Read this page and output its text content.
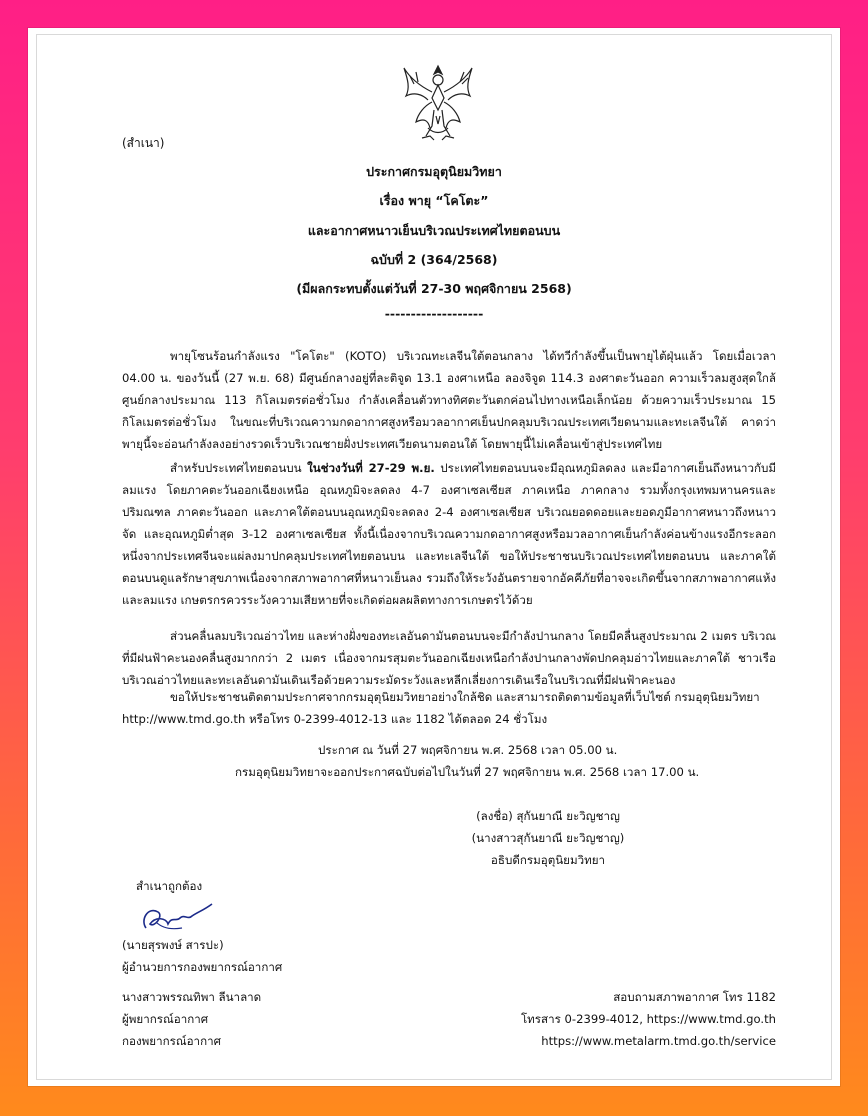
(สำเนา)
ประกาศกรมอุตุนิยมวิทยา
เรื่อง พายุ “โคโตะ”
และอากาศหนาวเย็นบริเวณประเทศไทยตอนบน
ฉบับที่ 2 (364/2568)
(มีผลกระทบตั้งแต่วันที่ 27-30 พฤศจิกายน 2568)
-------------------
พายุโซนร้อนกำลังแรง "โคโตะ" (KOTO) บริเวณทะเลจีนใต้ตอนกลาง ได้ทวีกำลังขึ้นเป็นพายุไต้ฝุ่นแล้ว โดยเมื่อเวลา 04.00 น. ของวันนี้ (27 พ.ย. 68) มีศูนย์กลางอยู่ที่ละติจูด 13.1 องศาเหนือ ลองจิจูด 114.3 องศาตะวันออก ความเร็วลมสูงสุดใกล้ศูนย์กลางประมาณ 113 กิโลเมตรต่อชั่วโมง กำลังเคลื่อนตัวทางทิศตะวันตกค่อนไปทางเหนือเล็กน้อย ด้วยความเร็วประมาณ 15 กิโลเมตรต่อชั่วโมง ในขณะที่บริเวณความกดอากาศสูงหรือมวลอากาศเย็นปกคลุมบริเวณประเทศเวียดนามและทะเลจีนใต้ คาดว่าพายุนี้จะอ่อนกำลังลงอย่างรวดเร็วบริเวณชายฝั่งประเทศเวียดนามตอนใต้ โดยพายุนี้ไม่เคลื่อนเข้าสู่ประเทศไทย
สำหรับประเทศไทยตอนบน ในช่วงวันที่ 27-29 พ.ย. ประเทศไทยตอนบนจะมีอุณหภูมิลดลง และมีอากาศเย็นถึงหนาวกับมีลมแรง โดยภาคตะวันออกเฉียงเหนือ อุณหภูมิจะลดลง 4-7 องศาเซลเซียส ภาคเหนือ ภาคกลาง รวมทั้งกรุงเทพมหานครและปริมณฑล ภาคตะวันออก และภาคใต้ตอนบนอุณหภูมิจะลดลง 2-4 องศาเซลเซียส บริเวณยอดดอยและยอดภูมีอากาศหนาวถึงหนาวจัด และอุณหภูมิต่ำสุด 3-12 องศาเซลเซียส ทั้งนี้เนื่องจากบริเวณความกดอากาศสูงหรือมวลอากาศเย็นกำลังค่อนข้างแรงอีกระลอกหนึ่งจากประเทศจีนจะแผ่ลงมาปกคลุมประเทศไทยตอนบน และทะเลจีนใต้ ขอให้ประชาชนบริเวณประเทศไทยตอนบน และภาคใต้ตอนบนดูแลรักษาสุขภาพเนื่องจากสภาพอากาศที่หนาวเย็นลง รวมถึงให้ระวังอันตรายจากอัคคีภัยที่อาจจะเกิดขึ้นจากสภาพอากาศแห้งและลมแรง เกษตรกรควรระวังความเสียหายที่จะเกิดต่อผลผลิตทางการเกษตรไว้ด้วย
ส่วนคลื่นลมบริเวณอ่าวไทย และห่างฝั่งของทะเลอันดามันตอนบนจะมีกำลังปานกลาง โดยมีคลื่นสูงประมาณ 2 เมตร บริเวณที่มีฝนฟ้าคะนองคลื่นสูงมากกว่า 2 เมตร เนื่องจากมรสุมตะวันออกเฉียงเหนือกำลังปานกลางพัดปกคลุมอ่าวไทยและภาคใต้ ชาวเรือบริเวณอ่าวไทยและทะเลอันดามันเดินเรือด้วยความระมัดระวังและหลีกเลี่ยงการเดินเรือในบริเวณที่มีฝนฟ้าคะนอง
ขอให้ประชาชนติดตามประกาศจากกรมอุตุนิยมวิทยาอย่างใกล้ชิด และสามารถติดตามข้อมูลที่เว็บไซต์ กรมอุตุนิยมวิทยา
http://www.tmd.go.th หรือโทร 0-2399-4012-13 และ 1182 ได้ตลอด 24 ชั่วโมง
ประกาศ ณ วันที่ 27 พฤศจิกายน พ.ศ. 2568 เวลา 05.00 น.
กรมอุตุนิยมวิทยาจะออกประกาศฉบับต่อไปในวันที่ 27 พฤศจิกายน พ.ศ. 2568 เวลา 17.00 น.
(ลงชื่อ) สุกันยาณี ยะวิญชาญ
(นางสาวสุกันยาณี ยะวิญชาญ)
อธิบดีกรมอุตุนิยมวิทยา
สำเนาถูกต้อง
(นายสุรพงษ์ สารปะ)
ผู้อำนวยการกองพยากรณ์อากาศ
นางสาวพรรณทิพา ลีนาลาด
ผู้พยากรณ์อากาศ
กองพยากรณ์อากาศ
สอบถามสภาพอากาศ โทร 1182
โทรสาร 0-2399-4012, https://www.tmd.go.th
https://www.metalarm.tmd.go.th/service
